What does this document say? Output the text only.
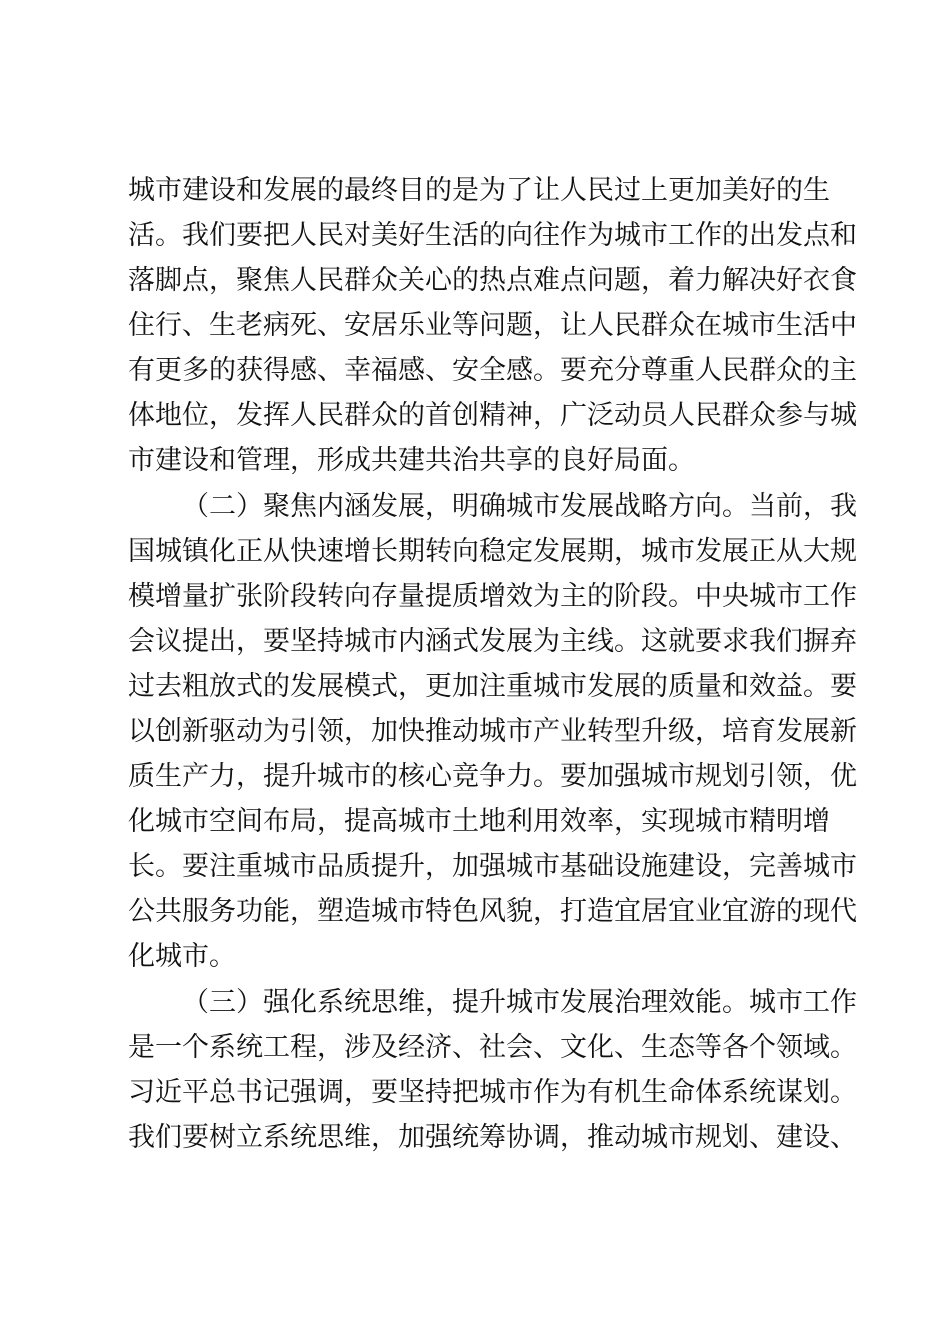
城市建设和发展的最终目的是为了让人民过上更加美好的生
活。我们要把人民对美好生活的向往作为城市工作的出发点和
落脚点，聚焦人民群众关心的热点难点问题，着力解决好衣食
住行、生老病死、安居乐业等问题，让人民群众在城市生活中
有更多的获得感、幸福感、安全感。要充分尊重人民群众的主
体地位，发挥人民群众的首创精神，广泛动员人民群众参与城
市建设和管理，形成共建共治共享的良好局面。
（二）聚焦内涵发展，明确城市发展战略方向。当前，我
国城镇化正从快速增长期转向稳定发展期，城市发展正从大规
模增量扩张阶段转向存量提质增效为主的阶段。中央城市工作
会议提出，要坚持城市内涵式发展为主线。这就要求我们摒弃
过去粗放式的发展模式，更加注重城市发展的质量和效益。要
以创新驱动为引领，加快推动城市产业转型升级，培育发展新
质生产力，提升城市的核心竞争力。要加强城市规划引领，优
化城市空间布局，提高城市土地利用效率，实现城市精明增
长。要注重城市品质提升，加强城市基础设施建设，完善城市
公共服务功能，塑造城市特色风貌，打造宜居宜业宜游的现代
化城市。
（三）强化系统思维，提升城市发展治理效能。城市工作
是一个系统工程，涉及经济、社会、文化、生态等各个领域。
习近平总书记强调，要坚持把城市作为有机生命体系统谋划。
我们要树立系统思维，加强统筹协调，推动城市规划、建设、
